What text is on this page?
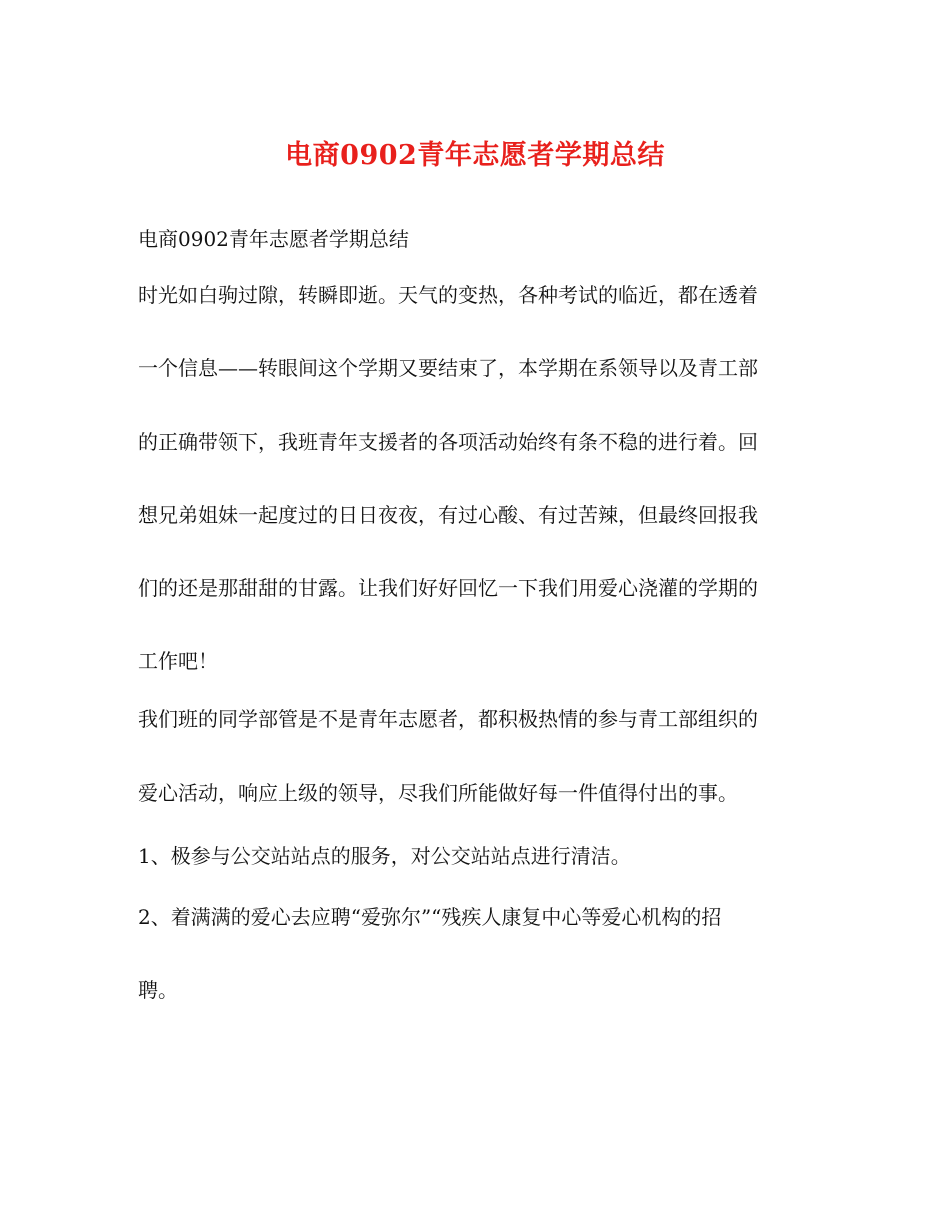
电商0902青年志愿者学期总结
电商0902青年志愿者学期总结
时光如白驹过隙，转瞬即逝。天气的变热，各种考试的临近，都在透着
一个信息——转眼间这个学期又要结束了，本学期在系领导以及青工部
的正确带领下，我班青年支援者的各项活动始终有条不稳的进行着。回
想兄弟姐妹一起度过的日日夜夜，有过心酸、有过苦辣，但最终回报我
们的还是那甜甜的甘露。让我们好好回忆一下我们用爱心浇灌的学期的
工作吧！
我们班的同学部管是不是青年志愿者，都积极热情的参与青工部组织的
爱心活动，响应上级的领导，尽我们所能做好每一件值得付出的事。
1、极参与公交站站点的服务，对公交站站点进行清洁。
2、着满满的爱心去应聘“爱弥尔”“残疾人康复中心等爱心机构的招
聘。
